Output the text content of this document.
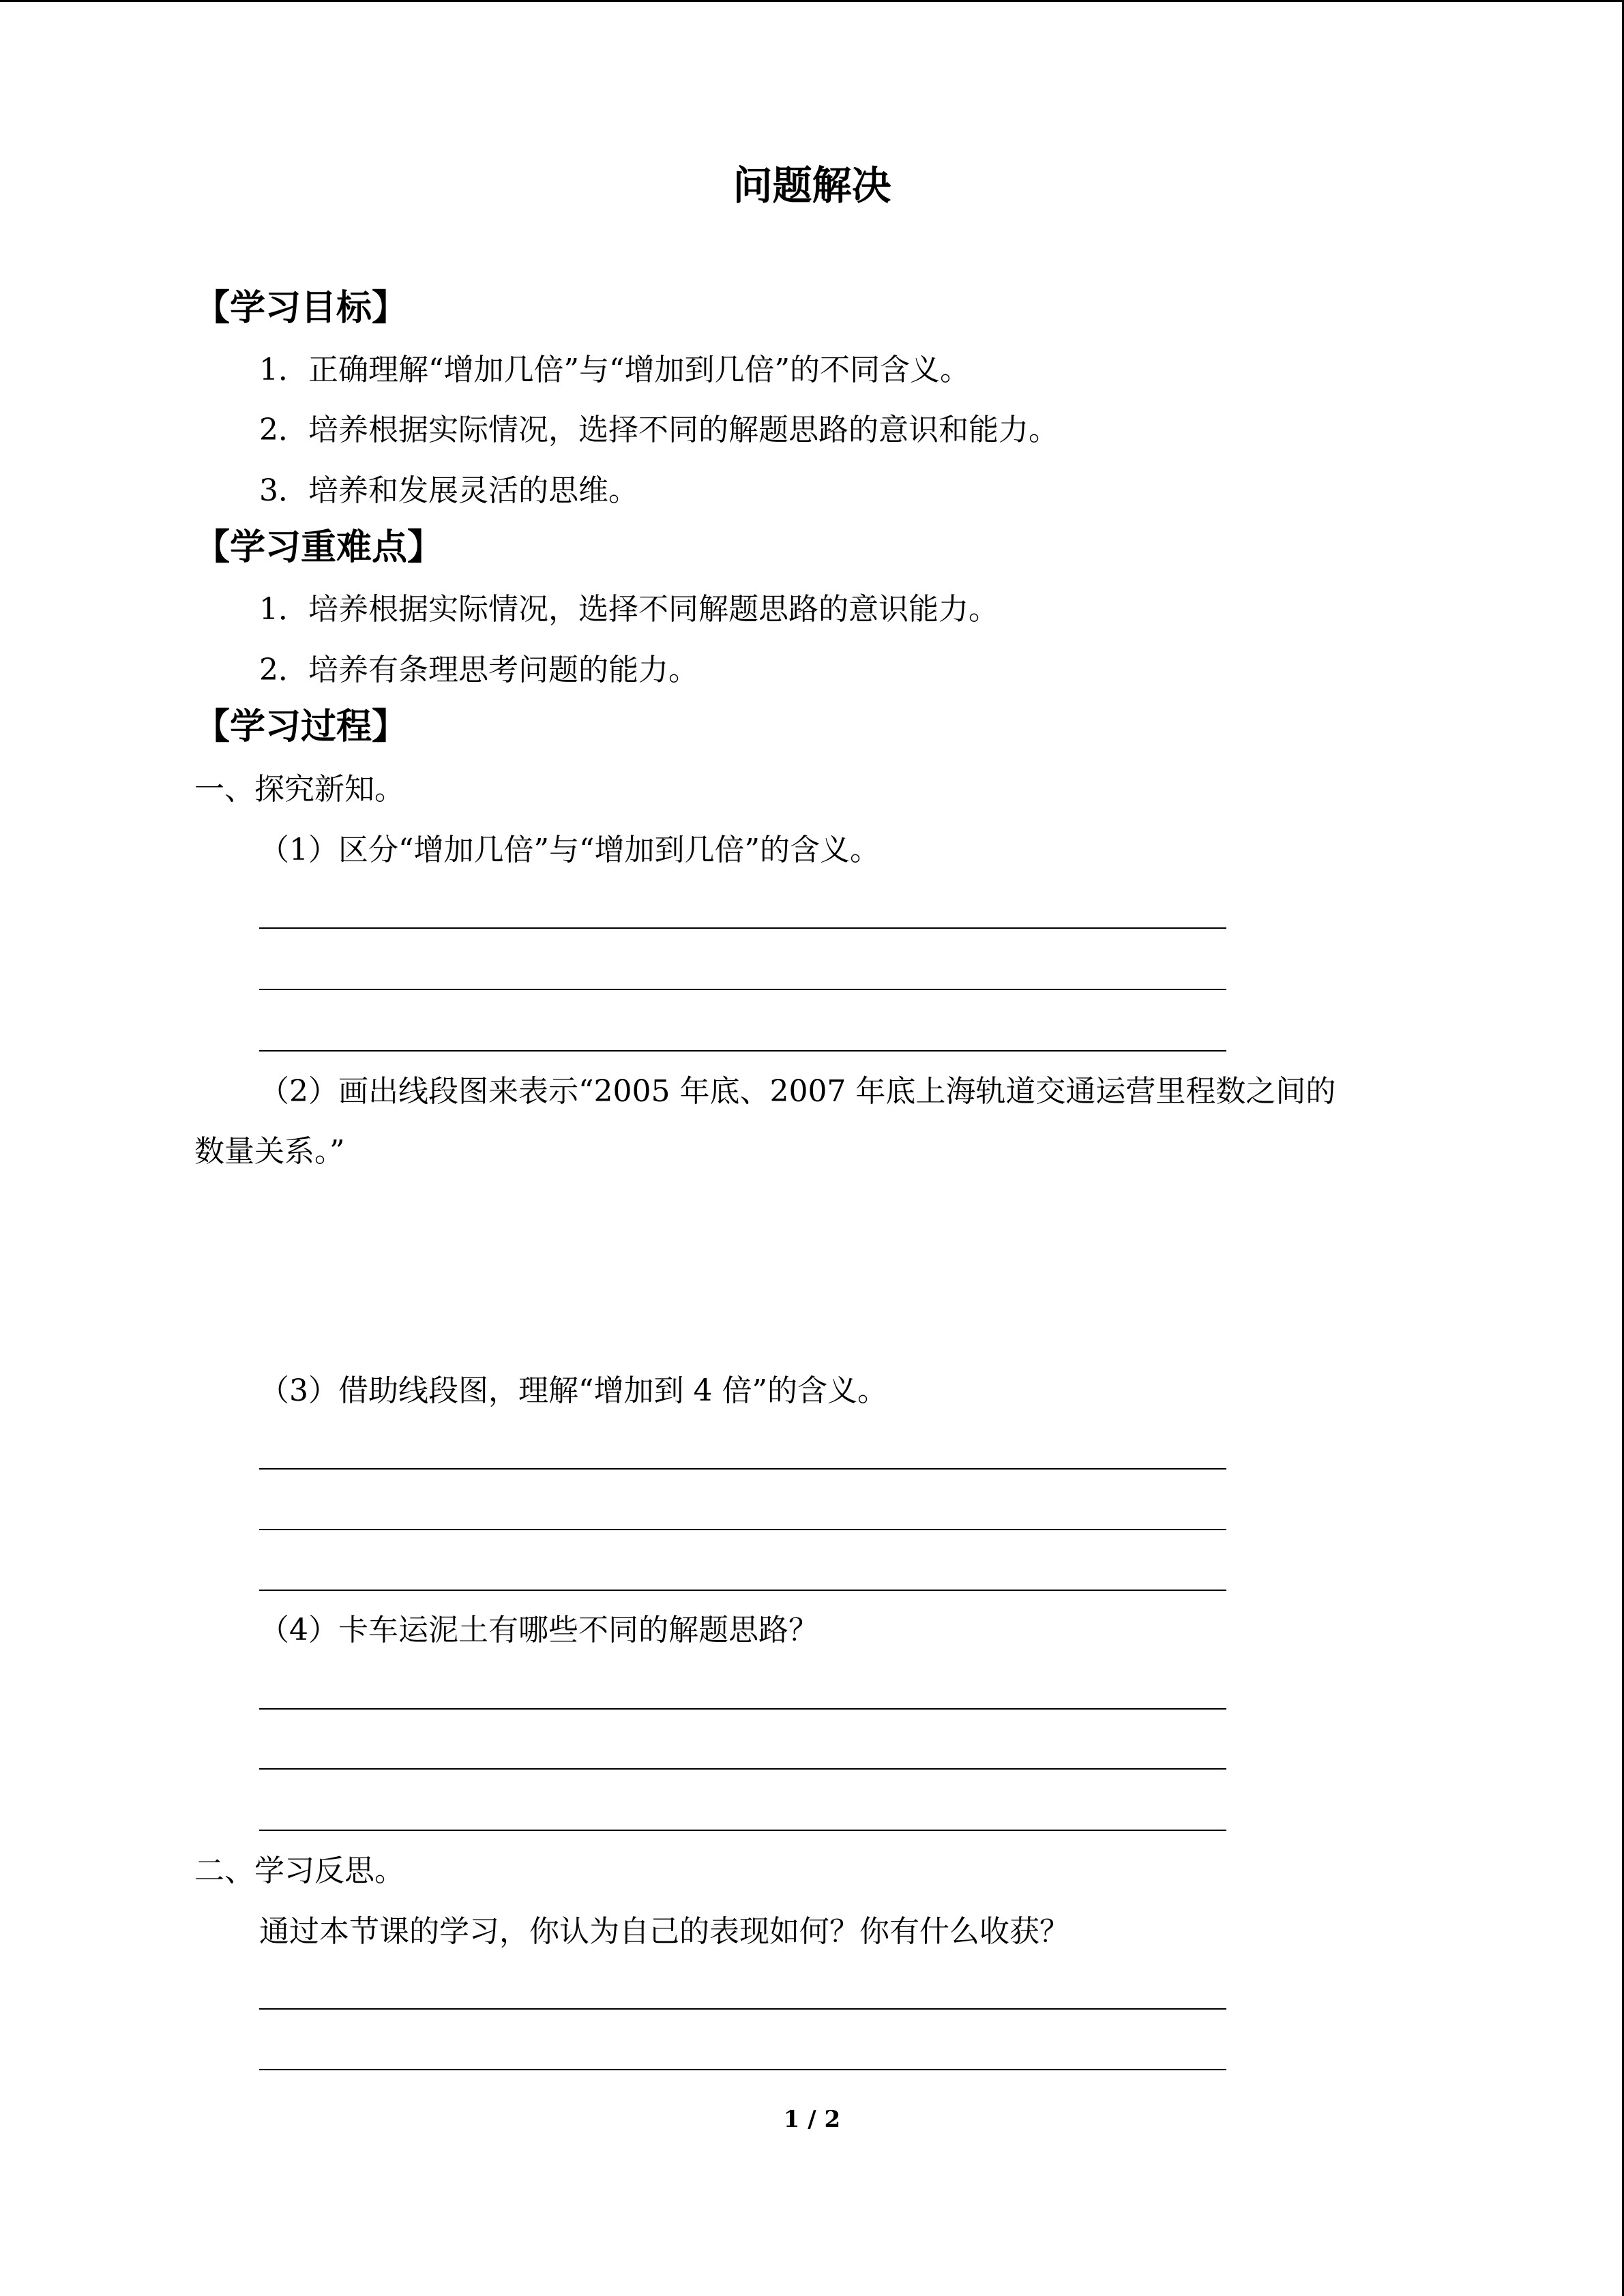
问题解决
【学习目标】
1．正确理解“增加几倍”与“增加到几倍”的不同含义。
2．培养根据实际情况，选择不同的解题思路的意识和能力。
3．培养和发展灵活的思维。
【学习重难点】
1．培养根据实际情况，选择不同解题思路的意识能力。
2．培养有条理思考问题的能力。
【学习过程】
一、探究新知。
（1）区分“增加几倍”与“增加到几倍”的含义。
（2）画出线段图来表示“2005 年底、2007 年底上海轨道交通运营里程数之间的
数量关系。”
（3）借助线段图，理解“增加到 4 倍”的含义。
（4）卡车运泥土有哪些不同的解题思路？
二、学习反思。
通过本节课的学习，你认为自己的表现如何？你有什么收获？
1 / 2
